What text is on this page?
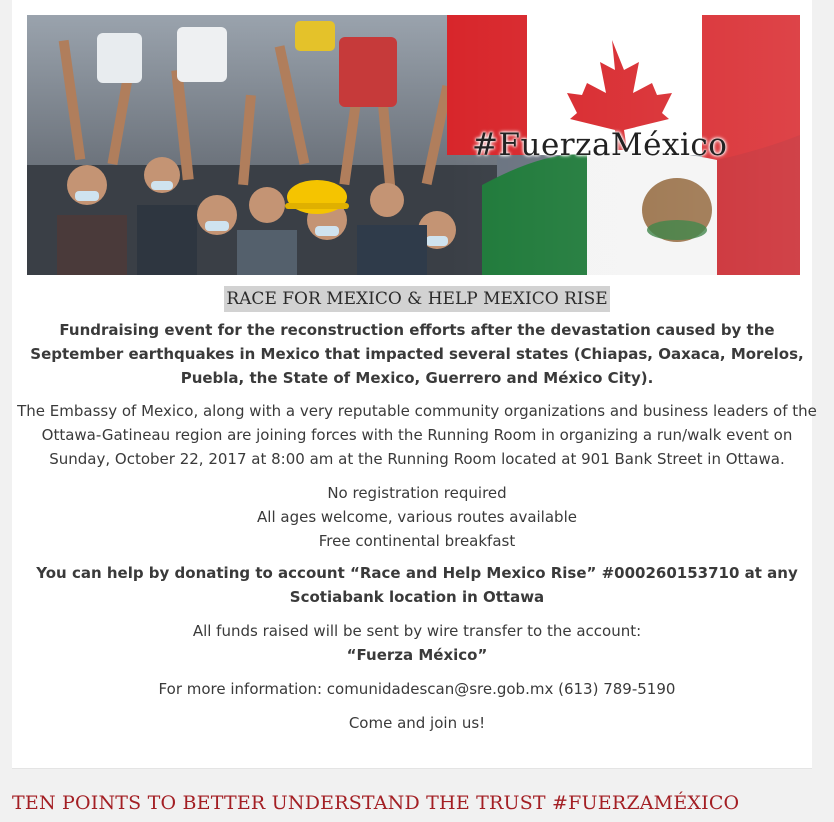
#FuerzaMéxico
RACE FOR MEXICO & HELP MEXICO RISE

Fundraising event for the reconstruction efforts after the devastation caused by the September earthquakes in Mexico that impacted several states (Chiapas, Oaxaca, Morelos, Puebla, the State of Mexico, Guerrero and México City).

The Embassy of Mexico, along with a very reputable community organizations and business leaders of the Ottawa-Gatineau region are joining forces with the Running Room in organizing a run/walk event on Sunday, October 22, 2017 at 8:00 am at the Running Room located at 901 Bank Street in Ottawa.

No registration required

All ages welcome, various routes available

Free continental breakfast

You can help by donating to account “Race and Help Mexico Rise” #000260153710 at any Scotiabank location in Ottawa

All funds raised will be sent by wire transfer to the account:

“Fuerza México”

For more information: comunidadescan@sre.gob.mx (613) 789-5190

Come and join us!

TEN POINTS TO BETTER UNDERSTAND THE TRUST #FUERZAMÉXICO
